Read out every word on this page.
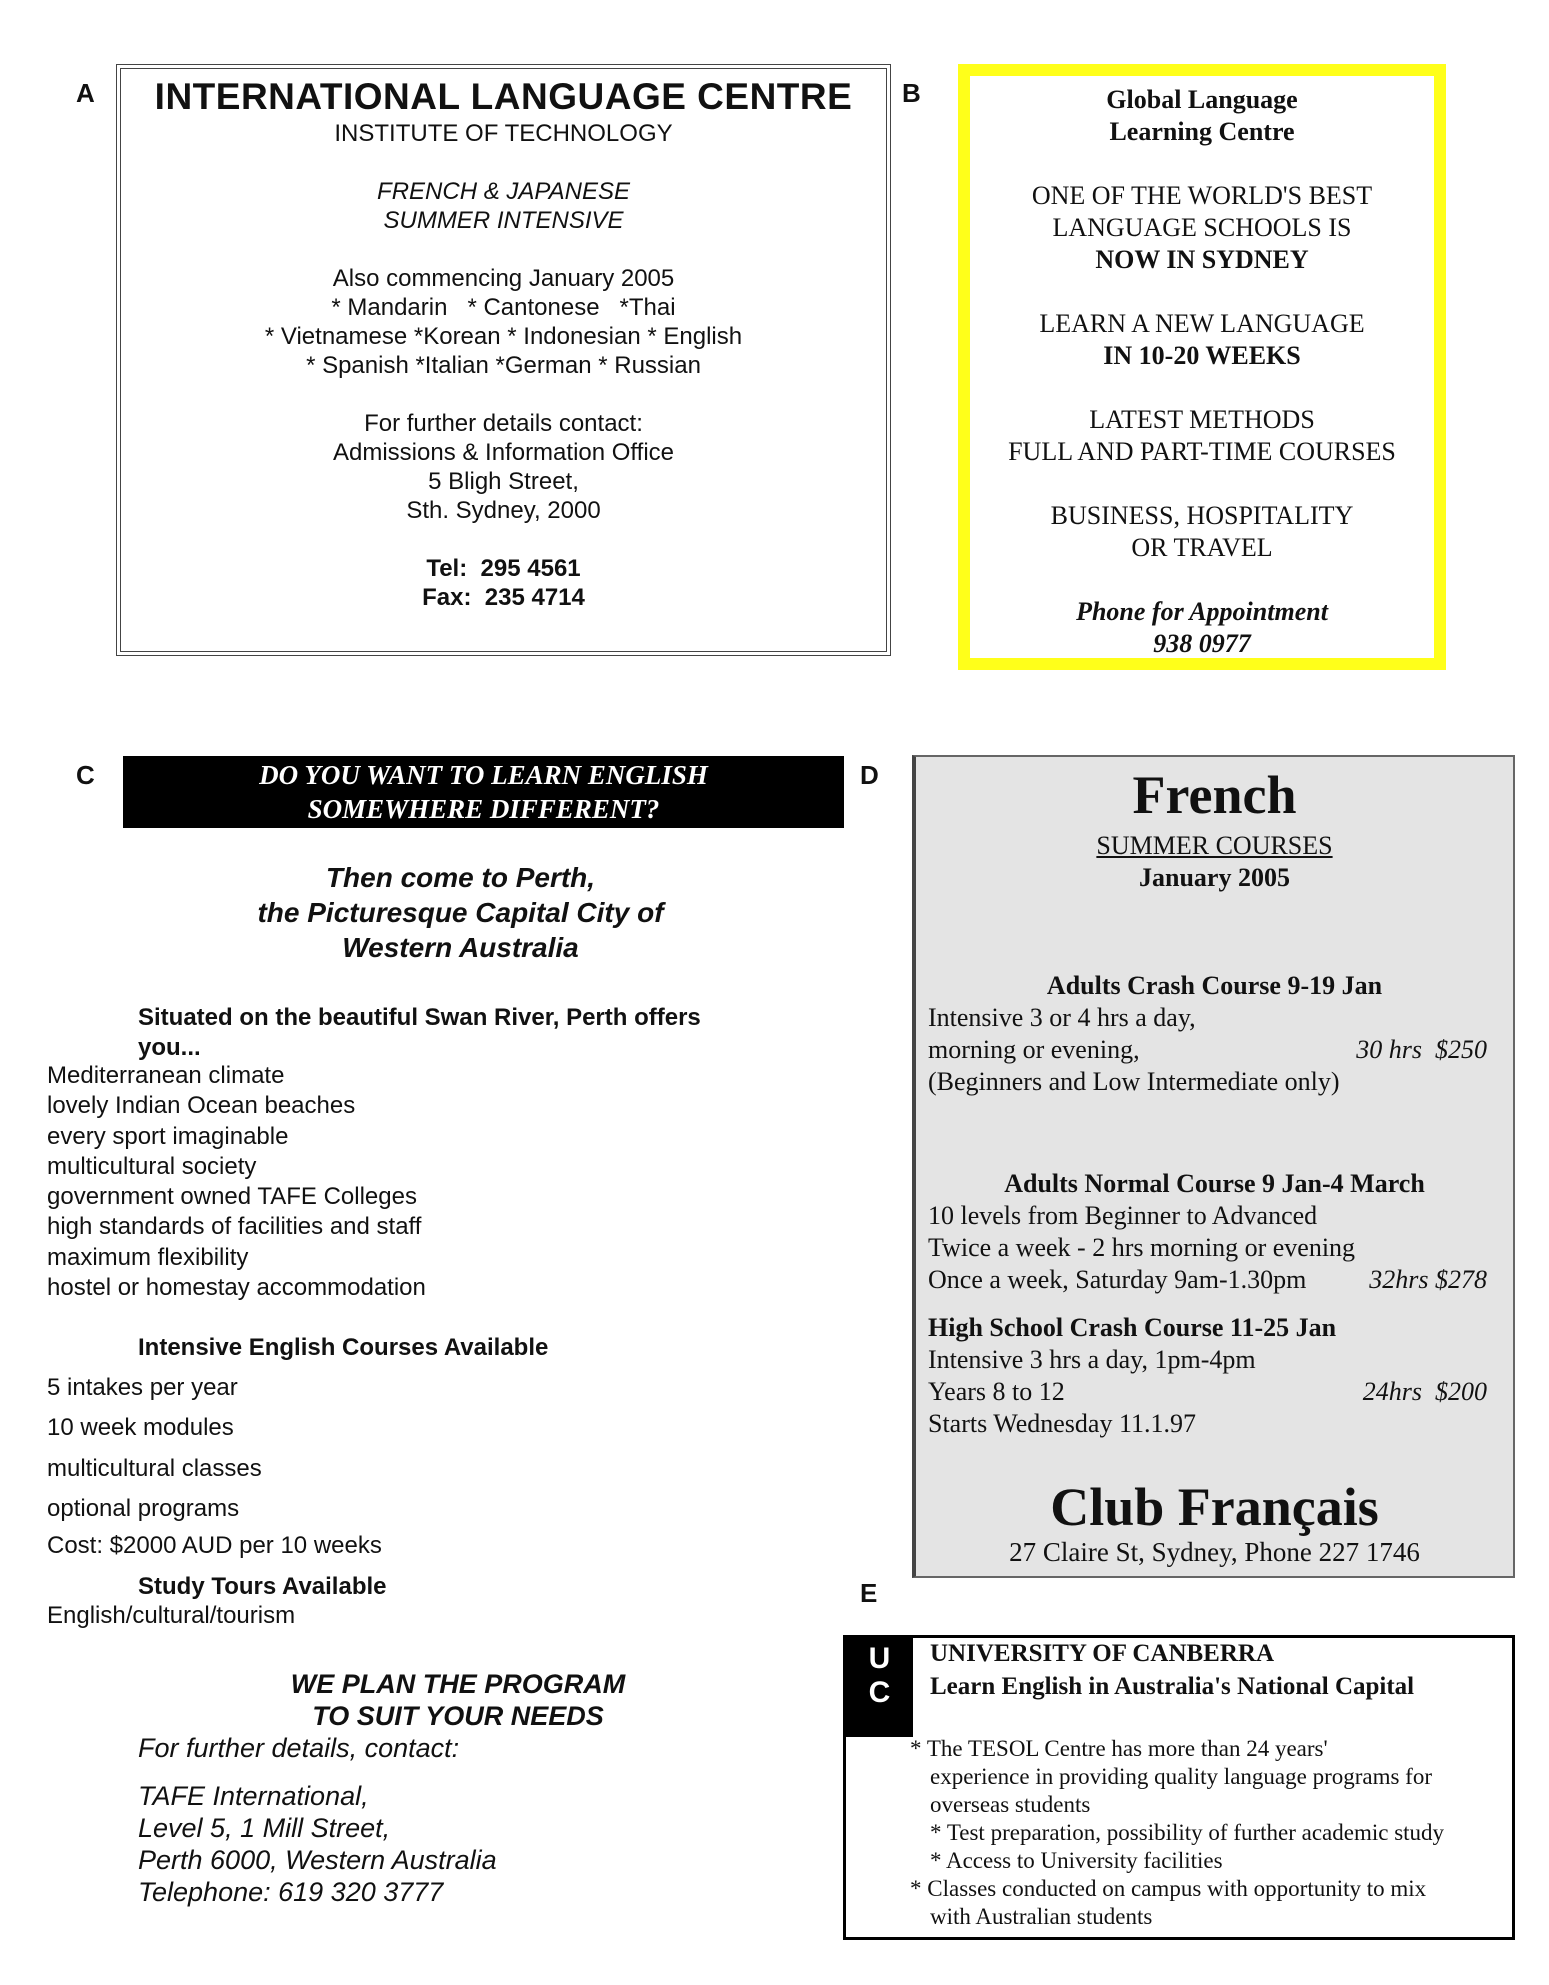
A	INTERNATIONAL LANGUAGE CENTRE
INSTITUTE OF TECHNOLOGY
FRENCH & JAPANESE
SUMMER INTENSIVE
Also commencing January 2005
* Mandarin   * Cantonese   *Thai
* Vietnamese *Korean * Indonesian * English
* Spanish *Italian *German * Russian
For further details contact:
Admissions & Information Office
5 Bligh Street,
Sth. Sydney, 2000
Tel:  295 4561
Fax:  235 4714
B	Global Language
Learning Centre
ONE OF THE WORLD'S BEST
LANGUAGE SCHOOLS IS
NOW IN SYDNEY
LEARN A NEW LANGUAGE
IN 10-20 WEEKS
LATEST METHODS
FULL AND PART-TIME COURSES
BUSINESS, HOSPITALITY
OR TRAVEL
Phone for Appointment
938 0977
C	DO YOU WANT TO LEARN ENGLISH
SOMEWHERE DIFFERENT?
Then come to Perth,
the Picturesque Capital City of
Western Australia
Situated on the beautiful Swan River, Perth offers
you...
Mediterranean climate
lovely Indian Ocean beaches
every sport imaginable
multicultural society
government owned TAFE Colleges
high standards of facilities and staff
maximum flexibility
hostel or homestay accommodation
Intensive English Courses Available
5 intakes per year
10 week modules
multicultural classes
optional programs
Cost: $2000 AUD per 10 weeks
Study Tours Available
English/cultural/tourism
WE PLAN THE PROGRAM
TO SUIT YOUR NEEDS
For further details, contact:
TAFE International,
Level 5, 1 Mill Street,
Perth 6000, Western Australia
Telephone: 619 320 3777
D	French
SUMMER COURSES
January 2005
Adults Crash Course 9-19 Jan
Intensive 3 or 4 hrs a day,
morning or evening,	30 hrs  $250
(Beginners and Low Intermediate only)
Adults Normal Course 9 Jan-4 March
10 levels from Beginner to Advanced
Twice a week - 2 hrs morning or evening
Once a week, Saturday 9am-1.30pm 32hrs $278
High School Crash Course 11-25 Jan
Intensive 3 hrs a day, 1pm-4pm
Years 8 to 12	24hrs  $200
Starts Wednesday 11.1.97
Club Français
27 Claire St, Sydney, Phone 227 1746
E
U
C
UNIVERSITY OF CANBERRA
Learn English in Australia's National Capital
* The TESOL Centre has more than 24 years'
experience in providing quality language programs for
overseas students
* Test preparation, possibility of further academic study
* Access to University facilities
* Classes conducted on campus with opportunity to mix
with Australian students
